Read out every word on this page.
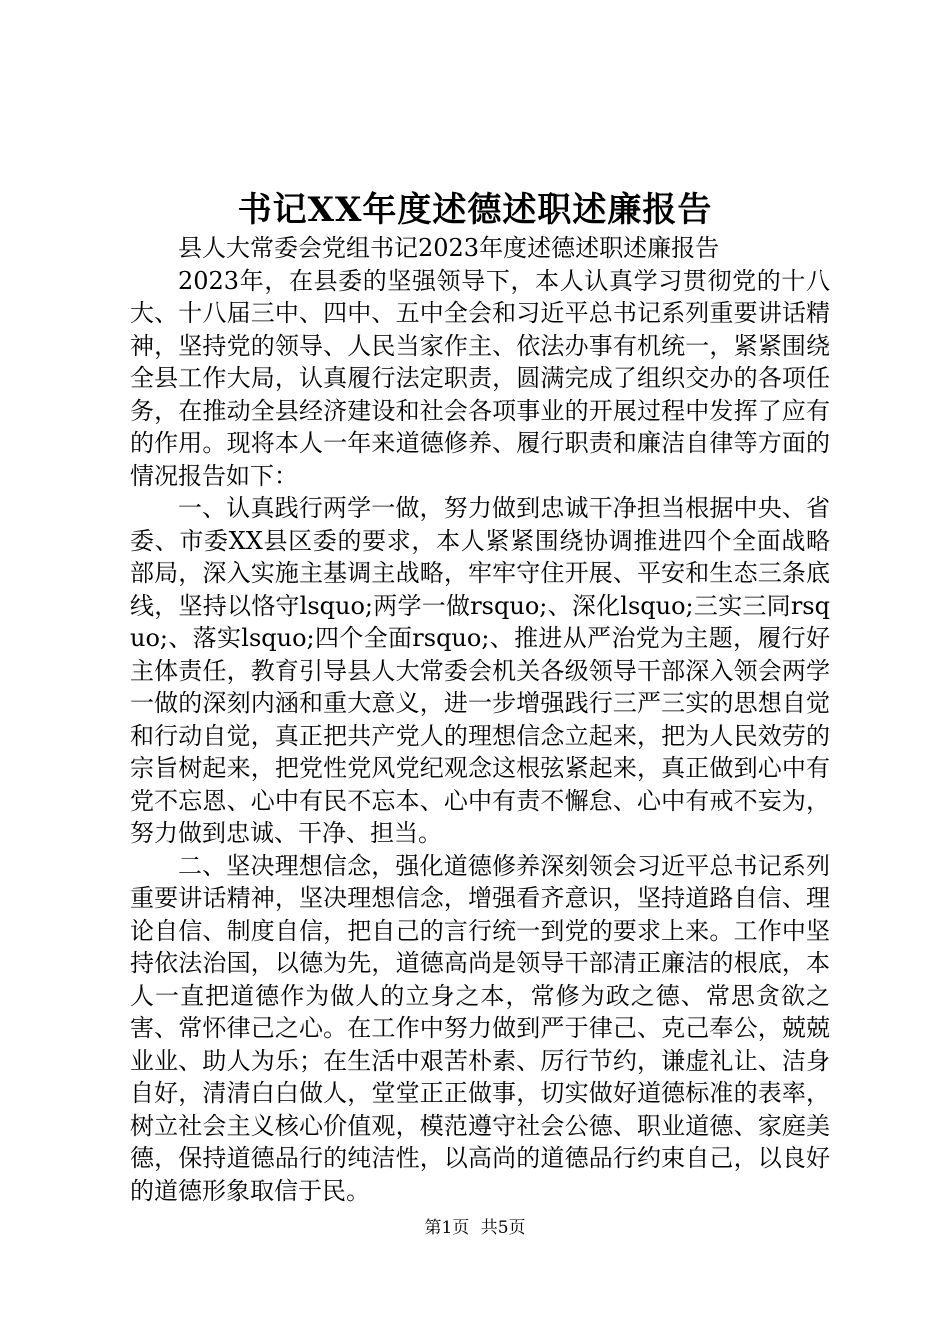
书记XX年度述德述职述廉报告

县人大常委会党组书记2023年度述德述职述廉报告

2023年，在县委的坚强领导下，本人认真学习贯彻党的十八大、十八届三中、四中、五中全会和习近平总书记系列重要讲话精神，坚持党的领导、人民当家作主、依法办事有机统一，紧紧围绕全县工作大局，认真履行法定职责，圆满完成了组织交办的各项任务，在推动全县经济建设和社会各项事业的开展过程中发挥了应有的作用。现将本人一年来道德修养、履行职责和廉洁自律等方面的情况报告如下：

一、认真践行两学一做，努力做到忠诚干净担当根据中央、省委、市委XX县区委的要求，本人紧紧围绕协调推进四个全面战略部局，深入实施主基调主战略，牢牢守住开展、平安和生态三条底线，坚持以恪守lsquo;两学一做rsquo;、深化lsquo;三实三同rsquo;、落实lsquo;四个全面rsquo;、推进从严治党为主题，履行好主体责任，教育引导县人大常委会机关各级领导干部深入领会两学一做的深刻内涵和重大意义，进一步增强践行三严三实的思想自觉和行动自觉，真正把共产党人的理想信念立起来，把为人民效劳的宗旨树起来，把党性党风党纪观念这根弦紧起来，真正做到心中有党不忘恩、心中有民不忘本、心中有责不懈怠、心中有戒不妄为，努力做到忠诚、干净、担当。

二、坚决理想信念，强化道德修养深刻领会习近平总书记系列重要讲话精神，坚决理想信念，增强看齐意识，坚持道路自信、理论自信、制度自信，把自己的言行统一到党的要求上来。工作中坚持依法治国，以德为先，道德高尚是领导干部清正廉洁的根底，本人一直把道德作为做人的立身之本，常修为政之德、常思贪欲之害、常怀律己之心。在工作中努力做到严于律己、克己奉公，兢兢业业、助人为乐；在生活中艰苦朴素、厉行节约，谦虚礼让、洁身自好，清清白白做人，堂堂正正做事，切实做好道德标准的表率，树立社会主义核心价值观，模范遵守社会公德、职业道德、家庭美德，保持道德品行的纯洁性，以高尚的道德品行约束自己，以良好的道德形象取信于民。

第1页 共5页
